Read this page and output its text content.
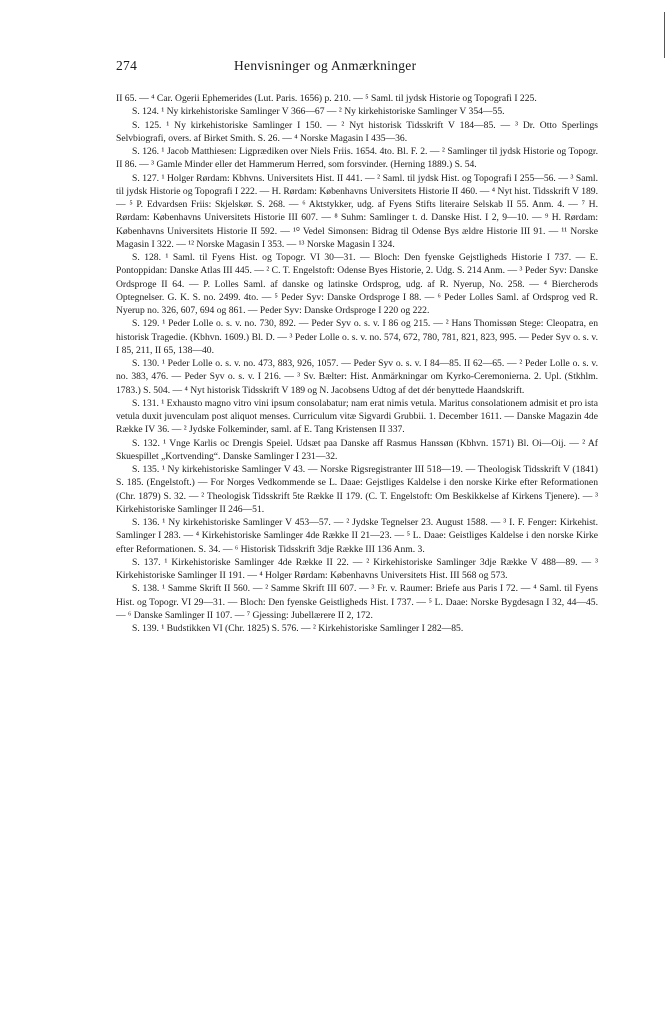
274	Henvisninger og Anmærkninger

II 65. — ⁴ Car. Ogerii Ephemerides (Lut. Paris. 1656) p. 210. — ⁵ Saml. til jydsk Historie og Topografi I 225.

S. 124. ¹ Ny kirkehistoriske Samlinger V 366—67 — ² Ny kirkehistoriske Samlinger V 354—55.

S. 125. ¹ Ny kirkehistoriske Samlinger I 150. — ² Nyt historisk Tidsskrift V 184—85. — ³ Dr. Otto Sperlings Selvbiografi, overs. af Birket Smith. S. 26. — ⁴ Norske Magasin I 435—36.

S. 126. ¹ Jacob Matthiesen: Ligprædiken over Niels Friis. 1654. 4to. Bl. F. 2. — ² Samlinger til jydsk Historie og Topogr. II 86. — ³ Gamle Minder eller det Hammerum Herred, som forsvinder. (Herning 1889.) S. 54.

S. 127. ¹ Holger Rørdam: Kbhvns. Universitets Hist. II 441. — ² Saml. til jydsk Hist. og Topografi I 255—56. — ³ Saml. til jydsk Historie og Topografi I 222. — H. Rørdam: Københavns Universitets Historie II 460. — ⁴ Nyt hist. Tidsskrift V 189. — ⁵ P. Edvardsen Friis: Skjelskør. S. 268. — ⁶ Aktstykker, udg. af Fyens Stifts literaire Selskab II 55. Anm. 4. — ⁷ H. Rørdam: Københavns Universitets Historie III 607. — ⁸ Suhm: Samlinger t. d. Danske Hist. I 2, 9—10. — ⁹ H. Rørdam: Københavns Universitets Historie II 592. — ¹⁰ Vedel Simonsen: Bidrag til Odense Bys ældre Historie III 91. — ¹¹ Norske Magasin I 322. — ¹² Norske Magasin I 353. — ¹³ Norske Magasin I 324.

S. 128. ¹ Saml. til Fyens Hist. og Topogr. VI 30—31. — Bloch: Den fyenske Gejstligheds Historie I 737. — E. Pontoppidan: Danske Atlas III 445. — ² C. T. Engelstoft: Odense Byes Historie, 2. Udg. S. 214 Anm. — ³ Peder Syv: Danske Ordsproge II 64. — P. Lolles Saml. af danske og latinske Ordsprog, udg. af R. Nyerup, No. 258. — ⁴ Biercherods Optegnelser. G. K. S. no. 2499. 4to. — ⁵ Peder Syv: Danske Ordsproge I 88. — ⁶ Peder Lolles Saml. af Ordsprog ved R. Nyerup no. 326, 607, 694 og 861. — Peder Syv: Danske Ordsproge I 220 og 222.

S. 129. ¹ Peder Lolle o. s. v. no. 730, 892. — Peder Syv o. s. v. I 86 og 215. — ² Hans Thomissøn Stege: Cleopatra, en historisk Tragedie. (Kbhvn. 1609.) Bl. D. — ³ Peder Lolle o. s. v. no. 574, 672, 780, 781, 821, 823, 995. — Peder Syv o. s. v. I 85, 211, II 65, 138—40.

S. 130. ¹ Peder Lolle o. s. v. no. 473, 883, 926, 1057. — Peder Syv o. s. v. I 84—85. II 62—65. — ² Peder Lolle o. s. v. no. 383, 476. — Peder Syv o. s. v. I 216. — ³ Sv. Bælter: Hist. Anmärkningar om Kyrko-Ceremonierna. 2. Upl. (Stkhlm. 1783.) S. 504. — ⁴ Nyt historisk Tidsskrift V 189 og N. Jacobsens Udtog af det dér benyttede Haandskrift.

S. 131. ¹ Exhausto magno vitro vini ipsum consolabatur; nam erat nimis vetula. Maritus consolationem admisit et pro ista vetula duxit juvenculam post aliquot menses. Curriculum vitæ Sigvardi Grubbii. 1. December 1611. — Danske Magazin 4de Række IV 36. — ² Jydske Folkeminder, saml. af E. Tang Kristensen II 337.

S. 132. ¹ Vnge Karlis oc Drengis Speiel. Udsæt paa Danske aff Rasmus Hanssøn (Kbhvn. 1571) Bl. Oi—Oij. — ² Af Skuespillet „Kortvending“. Danske Samlinger I 231—32.

S. 135. ¹ Ny kirkehistoriske Samlinger V 43. — Norske Rigsregistranter III 518—19. — Theologisk Tidsskrift V (1841) S. 185. (Engelstoft.) — For Norges Vedkommende se L. Daae: Gejstliges Kaldelse i den norske Kirke efter Reformationen (Chr. 1879) S. 32. — ² Theologisk Tidsskrift 5te Række II 179. (C. T. Engelstoft: Om Beskikkelse af Kirkens Tjenere). — ³ Kirkehistoriske Samlinger II 246—51.

S. 136. ¹ Ny kirkehistoriske Samlinger V 453—57. — ² Jydske Tegnelser 23. August 1588. — ³ I. F. Fenger: Kirkehist. Samlinger I 283. — ⁴ Kirkehistoriske Samlinger 4de Række II 21—23. — ⁵ L. Daae: Geistliges Kaldelse i den norske Kirke efter Reformationen. S. 34. — ⁶ Historisk Tidsskrift 3dje Række III 136 Anm. 3.

S. 137. ¹ Kirkehistoriske Samlinger 4de Række II 22. — ² Kirkehistoriske Samlinger 3dje Række V 488—89. — ³ Kirkehistoriske Samlinger II 191. — ⁴ Holger Rørdam: Københavns Universitets Hist. III 568 og 573.

S. 138. ¹ Samme Skrift II 560. — ² Samme Skrift III 607. — ³ Fr. v. Raumer: Briefe aus Paris I 72. — ⁴ Saml. til Fyens Hist. og Topogr. VI 29—31. — Bloch: Den fyenske Geistligheds Hist. I 737. — ⁵ L. Daae: Norske Bygdesagn I 32, 44—45. — ⁶ Danske Samlinger II 107. — ⁷ Gjessing: Jubellærere II 2, 172.

S. 139. ¹ Budstikken VI (Chr. 1825) S. 576. — ² Kirkehistoriske Samlinger I 282—85.
